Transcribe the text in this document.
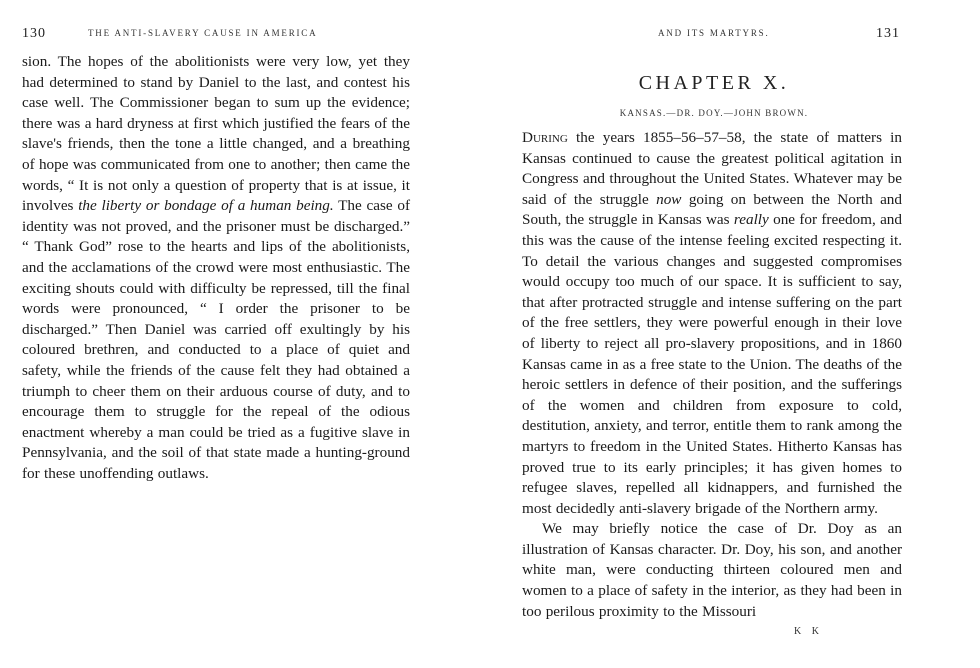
130	THE ANTI-SLAVERY CAUSE IN AMERICA

sion. The hopes of the abolitionists were very low, yet they had determined to stand by Daniel to the last, and contest his case well. The Commissioner began to sum up the evidence; there was a hard dryness at first which justified the fears of the slave's friends, then the tone a little changed, and a breathing of hope was communicated from one to another; then came the words, “ It is not only a question of property that is at issue, it involves the liberty or bondage of a human being. The case of identity was not proved, and the prisoner must be discharged.” “ Thank God” rose to the hearts and lips of the abolitionists, and the acclamations of the crowd were most enthusiastic. The exciting shouts could with difficulty be repressed, till the final words were pronounced, “ I order the prisoner to be discharged.” Then Daniel was carried off exultingly by his coloured brethren, and conducted to a place of quiet and safety, while the friends of the cause felt they had obtained a triumph to cheer them on their arduous course of duty, and to encourage them to struggle for the repeal of the odious enactment whereby a man could be tried as a fugitive slave in Pennsylvania, and the soil of that state made a hunting-ground for these unoffending outlaws.

AND ITS MARTYRS.	131
CHAPTER X.
KANSAS.—DR. DOY.—JOHN BROWN.

During the years 1855–56–57–58, the state of matters in Kansas continued to cause the greatest political agitation in Congress and throughout the United States. Whatever may be said of the struggle now going on between the North and South, the struggle in Kansas was really one for freedom, and this was the cause of the intense feeling excited respecting it. To detail the various changes and suggested compromises would occupy too much of our space. It is sufficient to say, that after protracted struggle and intense suffering on the part of the free settlers, they were powerful enough in their love of liberty to reject all pro-slavery propositions, and in 1860 Kansas came in as a free state to the Union. The deaths of the heroic settlers in defence of their position, and the sufferings of the women and children from exposure to cold, destitution, anxiety, and terror, entitle them to rank among the martyrs to freedom in the United States. Hitherto Kansas has proved true to its early principles; it has given homes to refugee slaves, repelled all kidnappers, and furnished the most decidedly anti-slavery brigade of the Northern army.

We may briefly notice the case of Dr. Doy as an illustration of Kansas character. Dr. Doy, his son, and another white man, were conducting thirteen coloured men and women to a place of safety in the interior, as they had been in too perilous proximity to the Missouri

K K
